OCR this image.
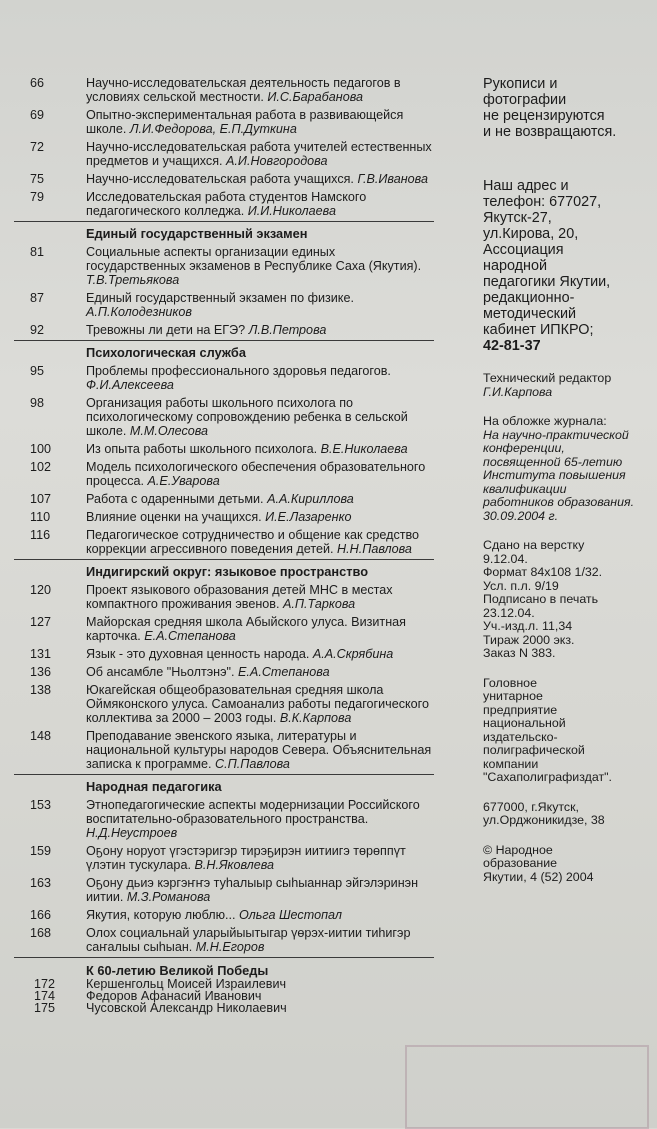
66	Научно-исследовательская деятельность педагогов в условиях сельской местности. И.С.Барабанова
69	Опытно-экспериментальная работа в развивающейся школе. Л.И.Федорова, Е.П.Дуткина
72	Научно-исследовательская работа учителей естественных предметов и учащихся. А.И.Новгородова
75	Научно-исследовательская работа учащихся. Г.В.Иванова
79	Исследовательская работа студентов Намского педагогического колледжа. И.И.Николаева
Единый государственный экзамен
81	Социальные аспекты организации единых государственных экзаменов в Республике Саха (Якутия). Т.В.Третьякова
87	Единый государственный экзамен по физике. А.П.Колодезников
92	Тревожны ли дети на ЕГЭ? Л.В.Петрова
Психологическая служба
95	Проблемы профессионального здоровья педагогов. Ф.И.Алексеева
98	Организация работы школьного психолога по психологическому сопровождению ребенка в сельской школе. М.М.Олесова
100	Из опыта работы школьного психолога. В.Е.Николаева
102	Модель психологического обеспечения образовательного процесса. А.Е.Уварова
107	Работа с одаренными детьми. А.А.Кириллова
110	Влияние оценки на учащихся. И.Е.Лазаренко
116	Педагогическое сотрудничество и общение как средство коррекции агрессивного поведения детей. Н.Н.Павлова
Индигирский округ: языковое пространство
120	Проект языкового образования детей МНС в местах компактного проживания эвенов. А.П.Таркова
127	Майорская средняя школа Абыйского улуса. Визитная карточка. Е.А.Степанова
131	Язык - это духовная ценность народа. А.А.Скрябина
136	Об ансамбле "Ньолтэнэ". Е.А.Степанова
138	Юкагейская общеобразовательная средняя школа Оймяконского улуса. Самоанализ работы педагогического коллектива за 2000 – 2003 годы. В.К.Карпова
148	Преподавание эвенского языка, литературы и национальной культуры народов Севера. Объяснительная записка к программе. С.П.Павлова
Народная педагогика
153	Этнопедагогические аспекты модернизации Российского воспитательно-образовательного пространства. Н.Д.Неустроев
159	Оҕону норуот үгэстэригэр тирэҕирэн иитиигэ төрөппүт үлэтин тускулара. В.Н.Яковлева
163	Оҕону дьиэ кэргэҥҥэ туһалыыр сыһыаннар эйгэлэринэн иитии. М.З.Романова
166	Якутия, которую люблю... Ольга Шестопал
168	Олох социальнай уларыйыытыгар үөрэх-иитии тиһигэр саҥалыы сыһыан. М.Н.Егоров
К 60-летию Великой Победы
172 Кершенгольц Моисей Израилевич
174 Федоров Афанасий Иванович
175 Чусовской Александр Николаевич
Рукописи и
фотографии
не рецензируются
и не возвращаются.
Наш адрес и
телефон: 677027,
Якутск-27,
ул.Кирова, 20,
Ассоциация
народной
педагогики Якутии,
редакционно-
методический
кабинет ИПКРО;
42-81-37
Технический редактор
Г.И.Карпова
На обложке журнала:
На научно-практической
конференции,
посвященной 65-летию
Института повышения
квалификации
работников образования.
30.09.2004 г.
Сдано на верстку
9.12.04.
Формат 84х108 1/32.
Усл. п.л. 9/19
Подписано в печать
23.12.04.
Уч.-изд.л. 11,34
Тираж 2000 экз.
Заказ N 383.
Головное
унитарное
предприятие
национальной
издательско-
полиграфической
компании
"Сахаполиграфиздат".
677000, г.Якутск,
ул.Орджоникидзе, 38
© Народное
образование
Якутии, 4 (52) 2004
